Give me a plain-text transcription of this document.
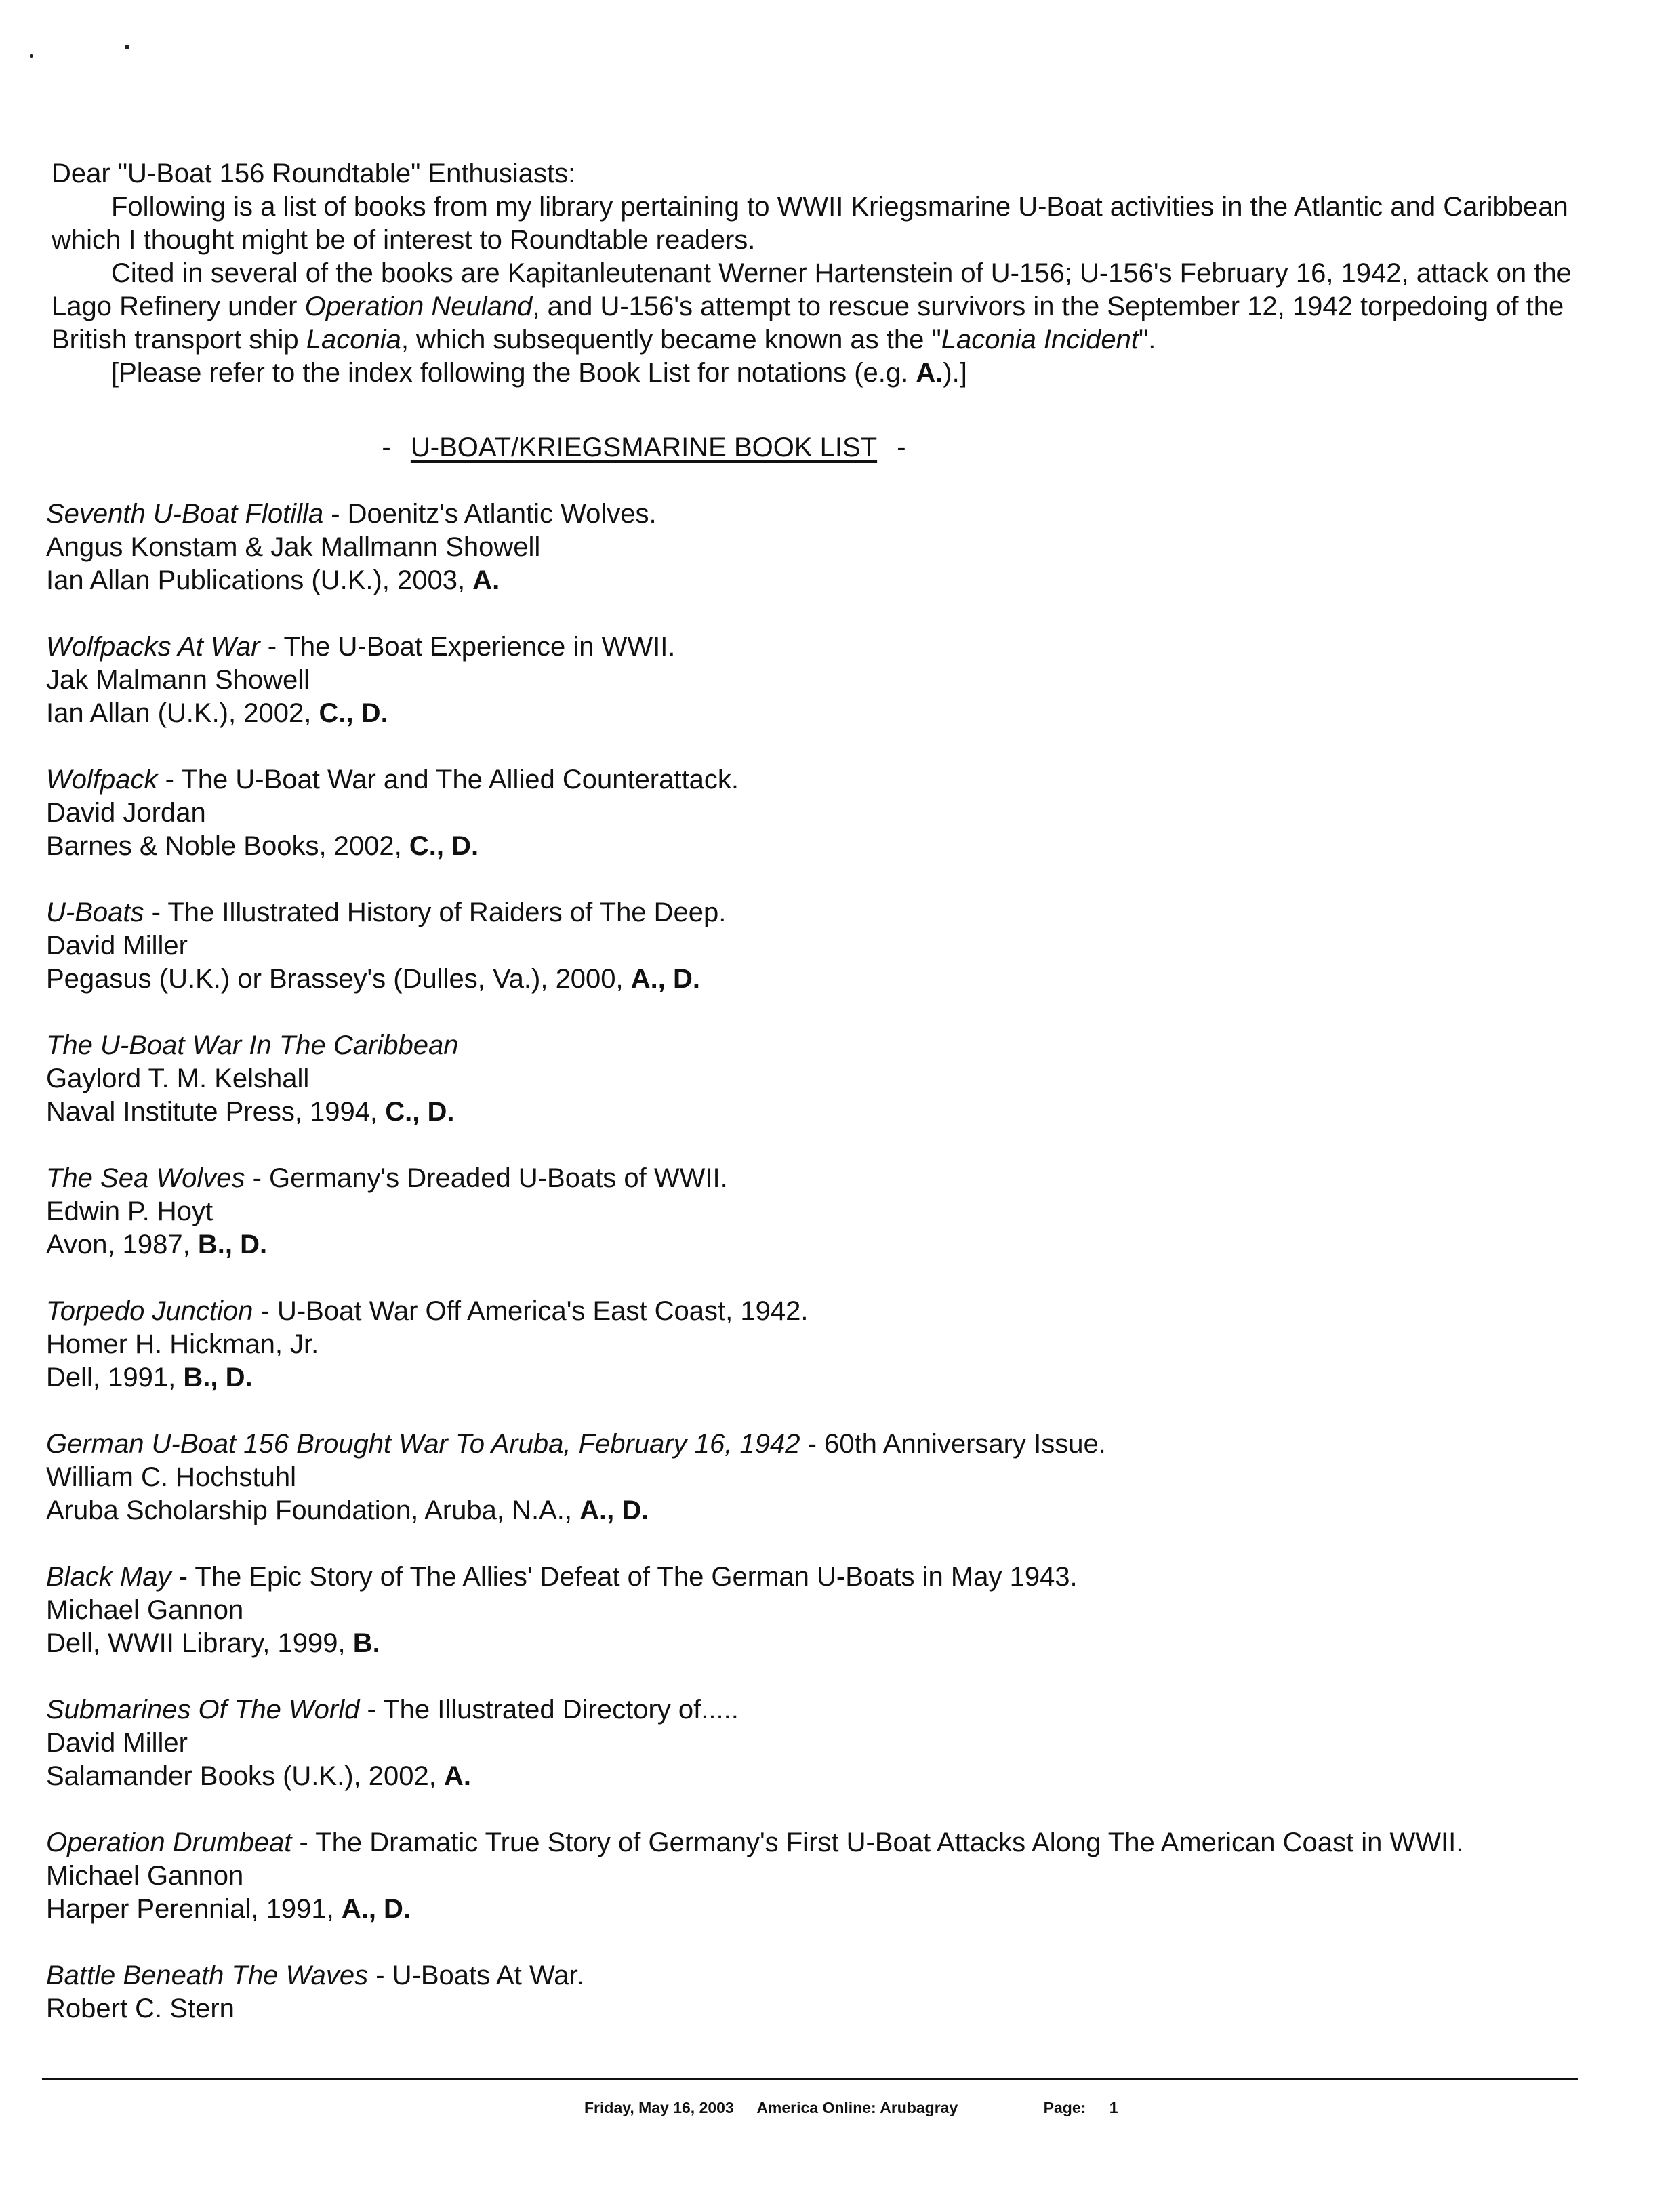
Dear "U-Boat 156 Roundtable" Enthusiasts:

Following is a list of books from my library pertaining to WWII Kriegsmarine U-Boat activities in the Atlantic and Caribbean which I thought might be of interest to Roundtable readers.

Cited in several of the books are Kapitanleutenant Werner Hartenstein of U-156; U-156's February 16, 1942, attack on the Lago Refinery under Operation Neuland, and U-156's attempt to rescue survivors in the September 12, 1942 torpedoing of the British transport ship Laconia, which subsequently became known as the "Laconia Incident".

[Please refer to the index following the Book List for notations (e.g. A.).]

- U-BOAT/KRIEGSMARINE BOOK LIST -
Seventh U-Boat Flotilla - Doenitz's Atlantic Wolves.
Angus Konstam & Jak Mallmann Showell
Ian Allan Publications (U.K.), 2003, A.
Wolfpacks At War - The U-Boat Experience in WWII.
Jak Malmann Showell
Ian Allan (U.K.), 2002, C., D.
Wolfpack - The U-Boat War and The Allied Counterattack.
David Jordan
Barnes & Noble Books, 2002, C., D.
U-Boats - The Illustrated History of Raiders of The Deep.
David Miller
Pegasus (U.K.) or Brassey's (Dulles, Va.), 2000, A., D.
The U-Boat War In The Caribbean
Gaylord T. M. Kelshall
Naval Institute Press, 1994, C., D.
The Sea Wolves - Germany's Dreaded U-Boats of WWII.
Edwin P. Hoyt
Avon, 1987, B., D.
Torpedo Junction - U-Boat War Off America's East Coast, 1942.
Homer H. Hickman, Jr.
Dell, 1991, B., D.
German U-Boat 156 Brought War To Aruba, February 16, 1942 - 60th Anniversary Issue.
William C. Hochstuhl
Aruba Scholarship Foundation, Aruba, N.A., A., D.
Black May - The Epic Story of The Allies' Defeat of The German U-Boats in May 1943.
Michael Gannon
Dell, WWII Library, 1999, B.
Submarines Of The World - The Illustrated Directory of.....
David Miller
Salamander Books (U.K.), 2002, A.
Operation Drumbeat - The Dramatic True Story of Germany's First U-Boat Attacks Along The American Coast in WWII.
Michael Gannon
Harper Perennial, 1991, A., D.
Battle Beneath The Waves - U-Boats At War.
Robert C. Stern
Friday, May 16, 2003 America Online: Arubagray	Page: 1
